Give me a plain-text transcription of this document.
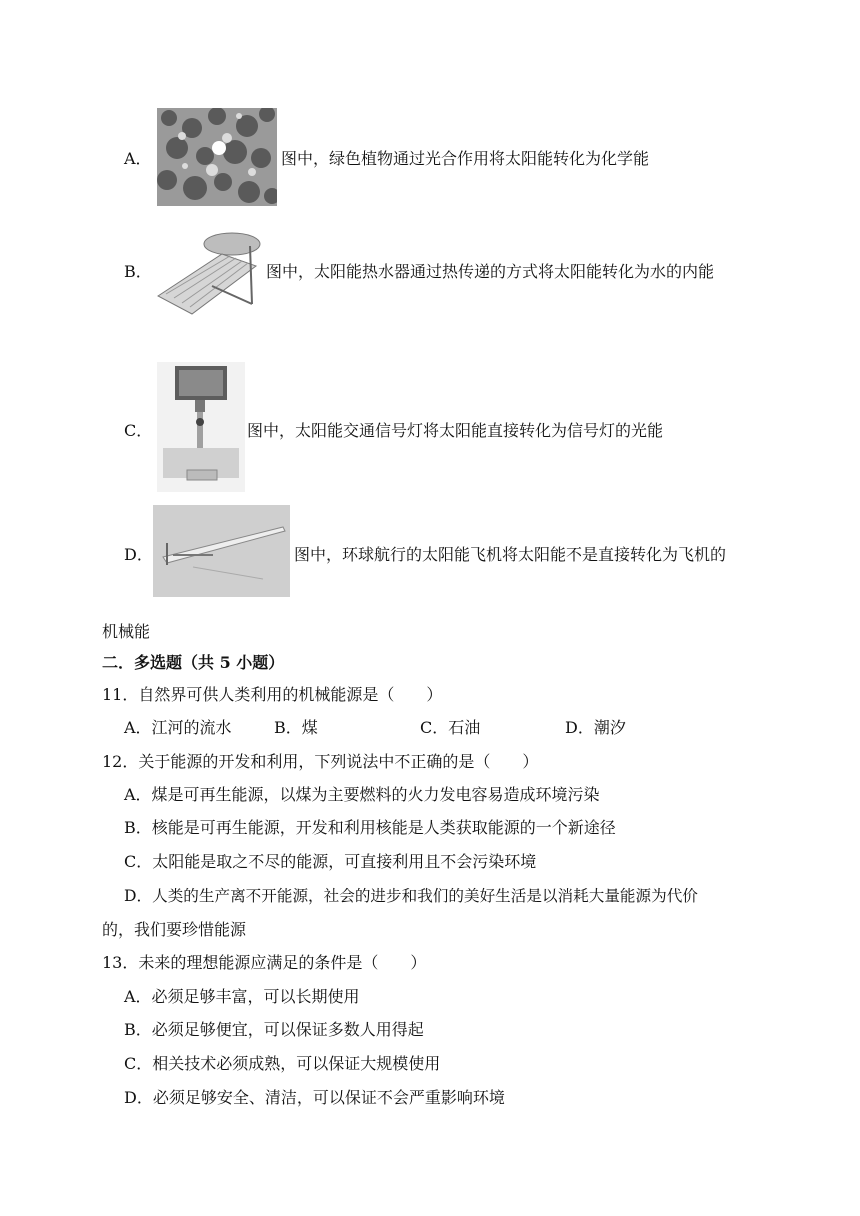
A．	图中，绿色植物通过光合作用将太阳能转化为化学能
B．	图中，太阳能热水器通过热传递的方式将太阳能转化为水的内能
C．	图中，太阳能交通信号灯将太阳能直接转化为信号灯的光能
D．	图中，环球航行的太阳能飞机将太阳能不是直接转化为飞机的
机械能
二．多选题（共 5 小题）
11．自然界可供人类利用的机械能源是（　　）
A．江河的流水	B．煤	C．石油	D．潮汐
12．关于能源的开发和利用，下列说法中不正确的是（　　）
A．煤是可再生能源，以煤为主要燃料的火力发电容易造成环境污染
B．核能是可再生能源，开发和利用核能是人类获取能源的一个新途径
C．太阳能是取之不尽的能源，可直接利用且不会污染环境
D．人类的生产离不开能源，社会的进步和我们的美好生活是以消耗大量能源为代价
的，我们要珍惜能源
13．未来的理想能源应满足的条件是（　　）
A．必须足够丰富，可以长期使用
B．必须足够便宜，可以保证多数人用得起
C．相关技术必须成熟，可以保证大规模使用
D．必须足够安全、清洁，可以保证不会严重影响环境
